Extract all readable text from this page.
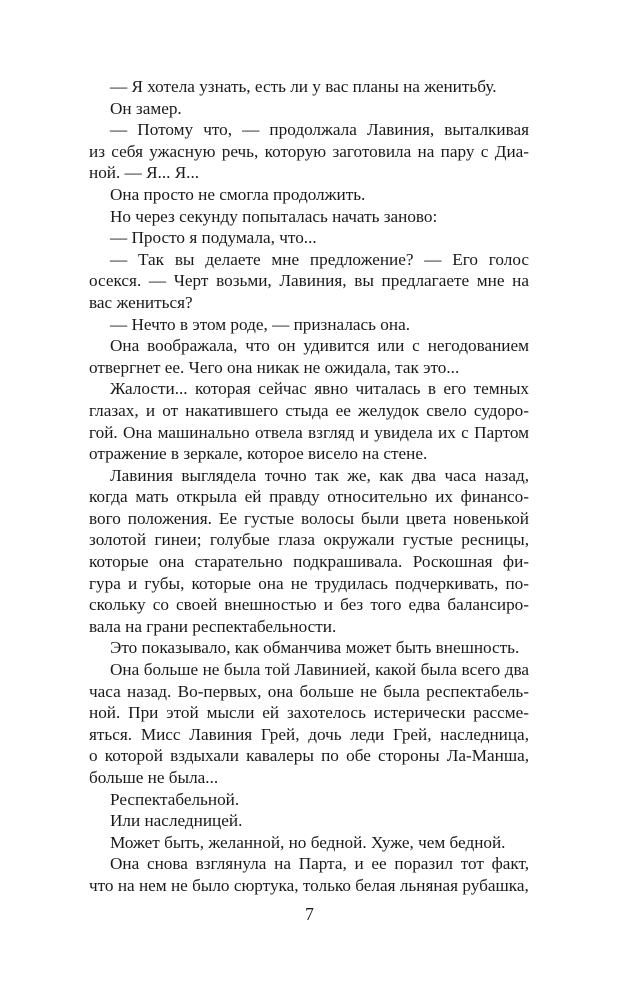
— Я хотела узнать, есть ли у вас планы на женитьбу.
Он замер.
— Потому что, — продолжала Лавиния, выталкивая
из себя ужасную речь, которую заготовила на пару с Диа-
ной. — Я... Я...
Она просто не смогла продолжить.
Но через секунду попыталась начать заново:
— Просто я подумала, что...
— Так вы делаете мне предложение? — Его голос
осекся. — Черт возьми, Лавиния, вы предлагаете мне на
вас жениться?
— Нечто в этом роде, — призналась она.
Она воображала, что он удивится или с негодованием
отвергнет ее. Чего она никак не ожидала, так это...
Жалости... которая сейчас явно читалась в его темных
глазах, и от накатившего стыда ее желудок свело судоро-
гой. Она машинально отвела взгляд и увидела их с Партом
отражение в зеркале, которое висело на стене.
Лавиния выглядела точно так же, как два часа назад,
когда мать открыла ей правду относительно их финансо-
вого положения. Ее густые волосы были цвета новенькой
золотой гинеи; голубые глаза окружали густые ресницы,
которые она старательно подкрашивала. Роскошная фи-
гура и губы, которые она не трудилась подчеркивать, по-
скольку со своей внешностью и без того едва балансиро-
вала на грани респектабельности.
Это показывало, как обманчива может быть внешность.
Она больше не была той Лавинией, какой была всего два
часа назад. Во-первых, она больше не была респектабель-
ной. При этой мысли ей захотелось истерически рассме-
яться. Мисс Лавиния Грей, дочь леди Грей, наследница,
о которой вздыхали кавалеры по обе стороны Ла-Манша,
больше не была...
Респектабельной.
Или наследницей.
Может быть, желанной, но бедной. Хуже, чем бедной.
Она снова взглянула на Парта, и ее поразил тот факт,
что на нем не было сюртука, только белая льняная рубашка,
7
